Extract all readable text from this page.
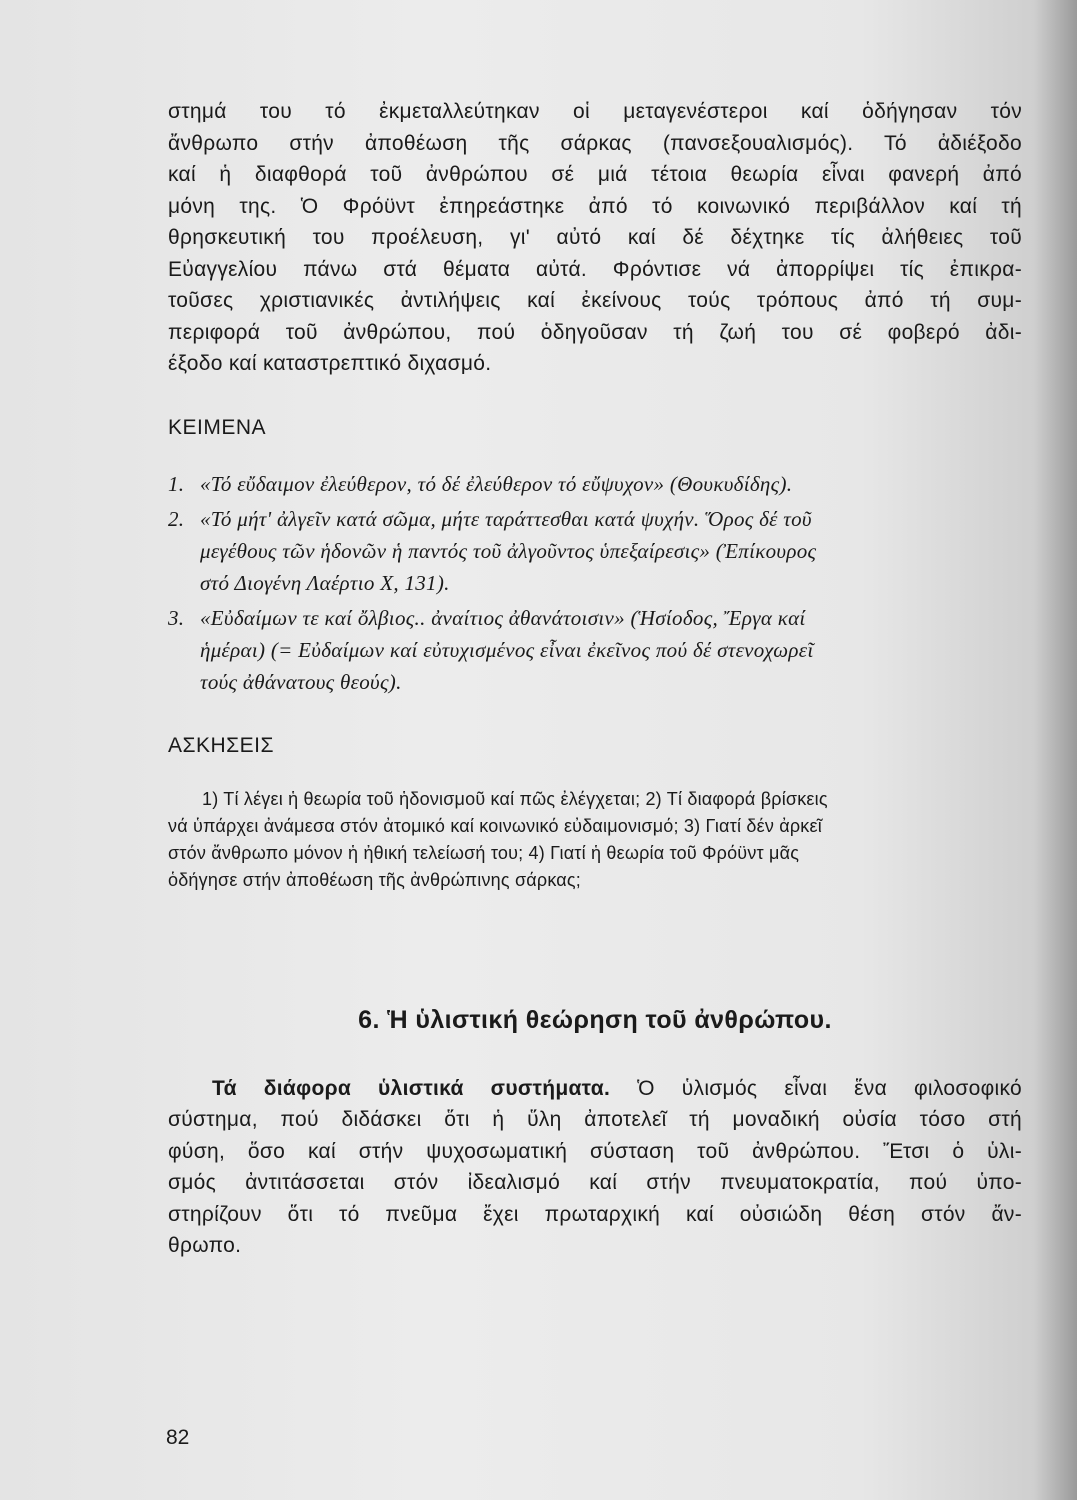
στημά του τό ἐκμεταλλεύτηκαν οἱ μεταγενέστεροι καί ὁδήγησαν τόν
ἄνθρωπο στήν ἀποθέωση τῆς σάρκας (πανσεξουαλισμός). Τό ἀδιέξοδο
καί ἡ διαφθορά τοῦ ἀνθρώπου σέ μιά τέτοια θεωρία εἶναι φανερή ἀπό
μόνη της. Ὁ Φρόϋντ ἐπηρεάστηκε ἀπό τό κοινωνικό περιβάλλον καί τή
θρησκευτική του προέλευση, γι' αὐτό καί δέ δέχτηκε τίς ἀλήθειες τοῦ
Εὐαγγελίου πάνω στά θέματα αὐτά. Φρόντισε νά ἀπορρίψει τίς ἐπικρα-
τοῦσες χριστιανικές ἀντιλήψεις καί ἐκείνους τούς τρόπους ἀπό τή συμ-
περιφορά τοῦ ἀνθρώπου, πού ὁδηγοῦσαν τή ζωή του σέ φοβερό ἀδι-
έξοδο καί καταστρεπτικό διχασμό.

ΚΕΙΜΕΝΑ

1. «Τό εὔδαιμον ἐλεύθερον, τό δέ ἐλεύθερον τό εὔψυχον» (Θουκυδίδης).
2. «Τό μήτ' ἀλγεῖν κατά σῶμα, μήτε ταράττεσθαι κατά ψυχήν. Ὅρος δέ τοῦ
μεγέθους τῶν ἡδονῶν ἡ παντός τοῦ ἀλγοῦντος ὑπεξαίρεσις» (Ἐπίκουρος
στό Διογένη Λαέρτιο X, 131).
3. «Εὐδαίμων τε καί ὄλβιος.. ἀναίτιος ἀθανάτοισιν» (Ἡσίοδος, Ἔργα καί
ἡμέραι) (= Εὐδαίμων καί εὐτυχισμένος εἶναι ἐκεῖνος πού δέ στενοχωρεῖ
τούς ἀθάνατους θεούς).

ΑΣΚΗΣΕΙΣ

1) Τί λέγει ἡ θεωρία τοῦ ἡδονισμοῦ καί πῶς ἐλέγχεται; 2) Τί διαφορά βρίσκεις
νά ὑπάρχει ἀνάμεσα στόν ἀτομικό καί κοινωνικό εὐδαιμονισμό; 3) Γιατί δέν ἀρκεῖ
στόν ἄνθρωπο μόνον ἡ ἠθική τελείωσή του; 4) Γιατί ἡ θεωρία τοῦ Φρόϋντ μᾶς
ὁδήγησε στήν ἀποθέωση τῆς ἀνθρώπινης σάρκας;
6. Ἡ ὑλιστική θεώρηση τοῦ ἀνθρώπου.
Τά διάφορα ὑλιστικά συστήματα. Ὁ ὑλισμός εἶναι ἕνα φιλοσοφικό
σύστημα, πού διδάσκει ὅτι ἡ ὕλη ἀποτελεῖ τή μοναδική οὐσία τόσο στή
φύση, ὅσο καί στήν ψυχοσωματική σύσταση τοῦ ἀνθρώπου. Ἔτσι ὁ ὑλι-
σμός ἀντιτάσσεται στόν ἰδεαλισμό καί στήν πνευματοκρατία, πού ὑπο-
στηρίζουν ὅτι τό πνεῦμα ἔχει πρωταρχική καί οὐσιώδη θέση στόν ἄν-
θρωπο.
82
